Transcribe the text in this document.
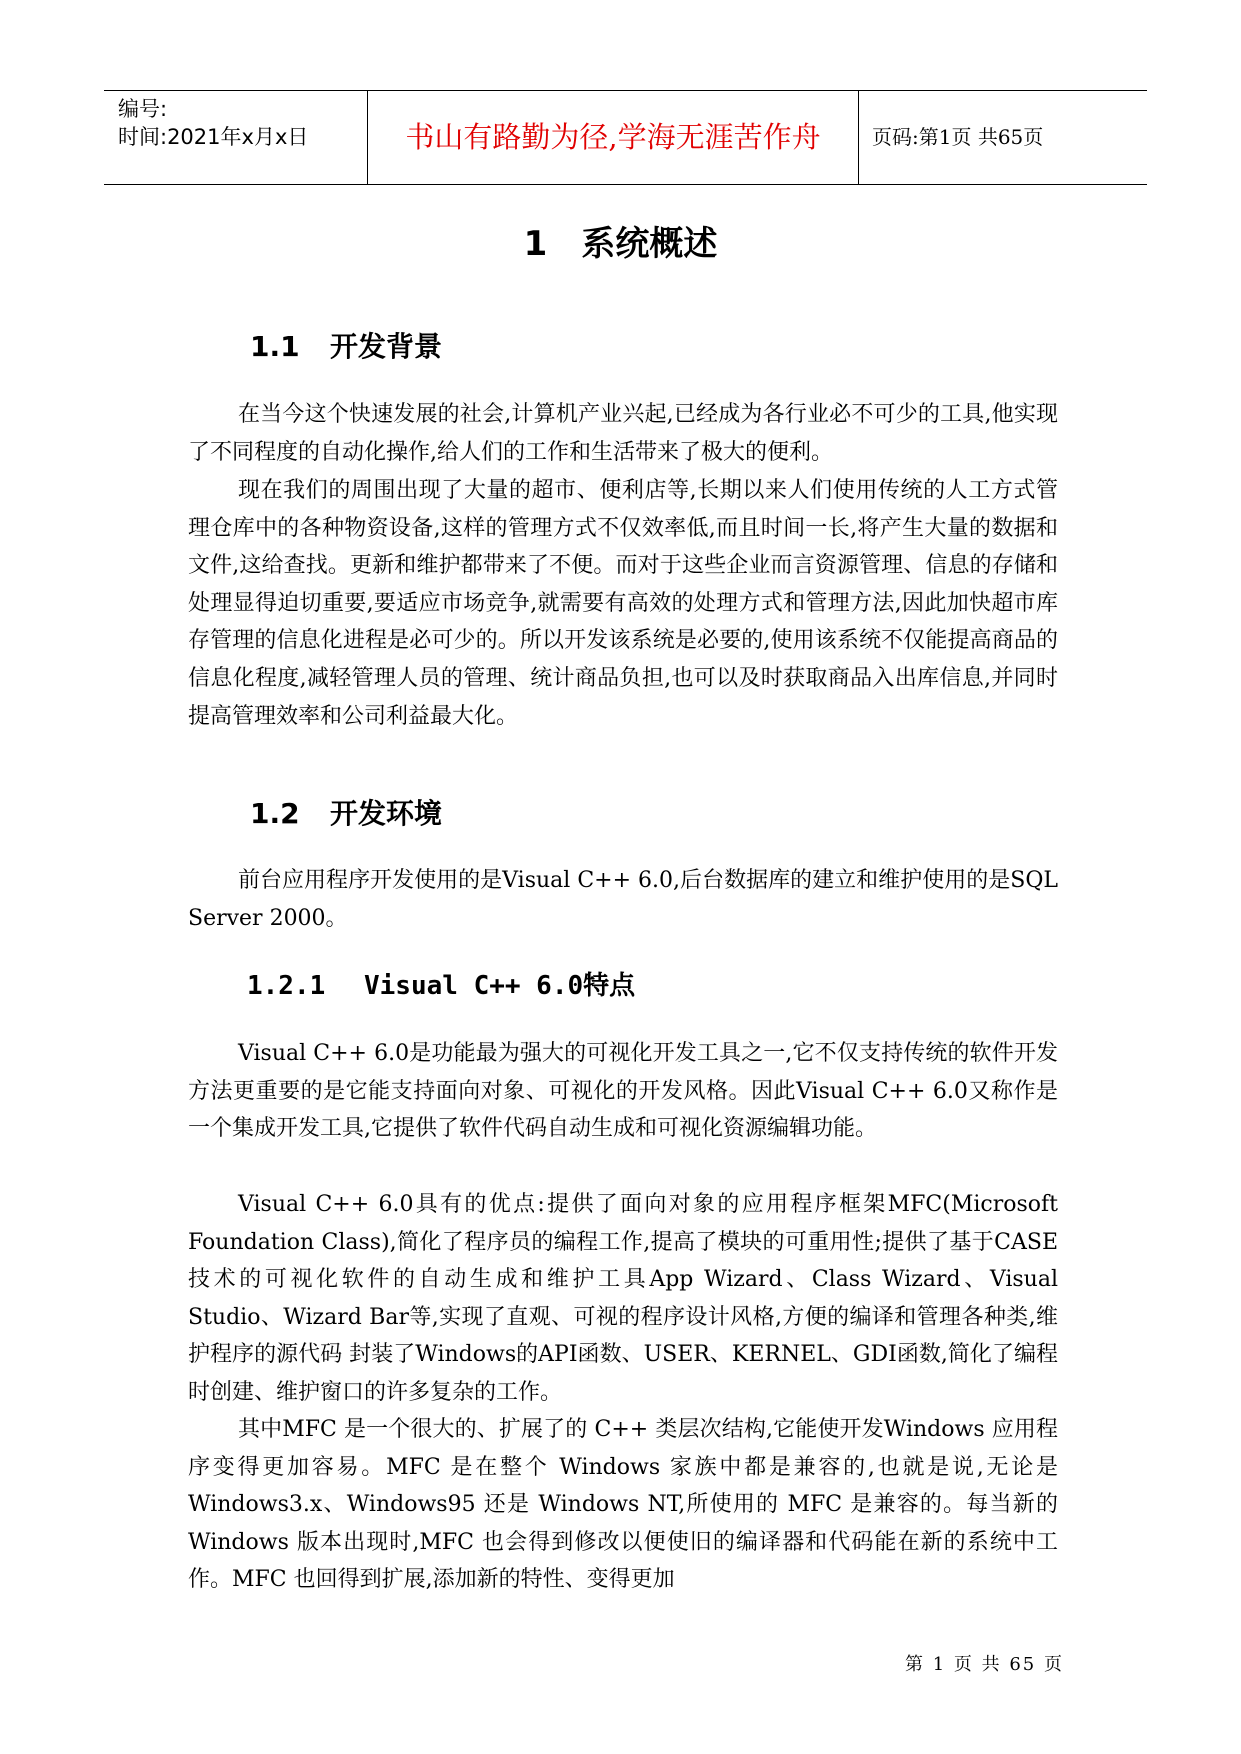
编号:
时间:2021年x月x日	书山有路勤为径,学海无涯苦作舟	页码:第1页 共65页
1 系统概述
1.1 开发背景

在当今这个快速发展的社会,计算机产业兴起,已经成为各行业必不可少的工具,他实现了不同程度的自动化操作,给人们的工作和生活带来了极大的便利。

现在我们的周围出现了大量的超市、便利店等,长期以来人们使用传统的人工方式管理仓库中的各种物资设备,这样的管理方式不仅效率低,而且时间一长,将产生大量的数据和文件,这给查找。更新和维护都带来了不便。而对于这些企业而言资源管理、信息的存储和处理显得迫切重要,要适应市场竞争,就需要有高效的处理方式和管理方法,因此加快超市库存管理的信息化进程是必可少的。所以开发该系统是必要的,使用该系统不仅能提高商品的信息化程度,减轻管理人员的管理、统计商品负担,也可以及时获取商品入出库信息,并同时提高管理效率和公司利益最大化。

1.2 开发环境

前台应用程序开发使用的是Visual C++ 6.0,后台数据库的建立和维护使用的是SQL Server 2000。

1.2.1 Visual C++ 6.0特点

Visual C++ 6.0是功能最为强大的可视化开发工具之一,它不仅支持传统的软件开发方法更重要的是它能支持面向对象、可视化的开发风格。因此Visual C++ 6.0又称作是一个集成开发工具,它提供了软件代码自动生成和可视化资源编辑功能。

Visual C++ 6.0具有的优点:提供了面向对象的应用程序框架MFC(Microsoft Foundation Class),简化了程序员的编程工作,提高了模块的可重用性;提供了基于CASE技术的可视化软件的自动生成和维护工具App Wizard、Class Wizard、Visual Studio、Wizard Bar等,实现了直观、可视的程序设计风格,方便的编译和管理各种类,维护程序的源代码 封装了Windows的API函数、USER、KERNEL、GDI函数,简化了编程时创建、维护窗口的许多复杂的工作。

其中MFC 是一个很大的、扩展了的 C++ 类层次结构,它能使开发Windows 应用程序变得更加容易。MFC 是在整个 Windows 家族中都是兼容的,也就是说,无论是 Windows3.x、Windows95 还是 Windows NT,所使用的 MFC 是兼容的。每当新的 Windows 版本出现时,MFC 也会得到修改以便使旧的编译器和代码能在新的系统中工作。MFC 也回得到扩展,添加新的特性、变得更加

第 1 页 共 65 页
